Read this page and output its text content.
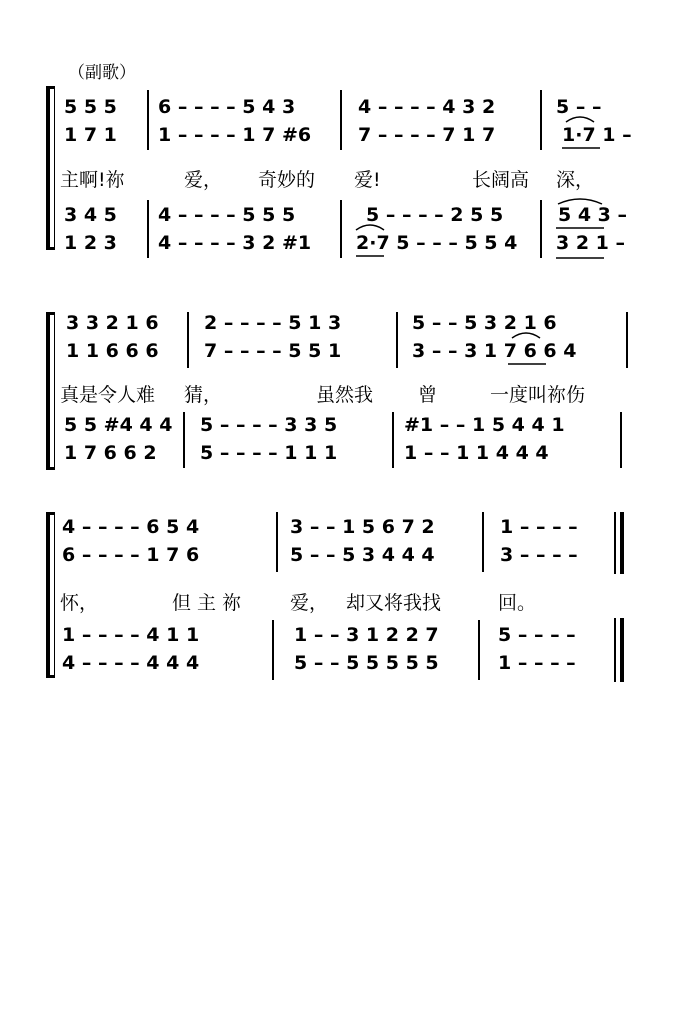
（副歌）
5 5 5 6 – – – – 5 4 3	4 – – – – 4 3 2	5 – –
1 7 1 1 – – – – 1 7 #6 7 – – – – 7 1 7	1·7 1 –
主啊!祢	爱， 奇妙的 爱!	长阔高 深，
3 4 5 4 – – – – 5 5 5	5 – – – – 2 5 5	5 4 3 –
1 2 3 4 – – – – 3 2 #1 2·7 5 – – – 5 5 4 3 2 1 –
3 3 2 1 6 2 – – – – 5 1 3	5 – – 5 3 2 1 6
1 1 6 6 6 7 – – – – 5 5 1	3 – – 3 1 7 6 6 4
真是令人难 猜，	虽然我 曾	一度叫祢伤
5 5 #4 4 4 5 – – – – 3 3 5	#1 – – 1 5 4 4 1
1 7 6 6 2 5 – – – – 1 1 1	1 – – 1 1 4 4 4
4 – – – – 6 5 4	3 – – 1 5 6 7 2	1 – – – –
6 – – – – 1 7 6	5 – – 5 3 4 4 4	3 – – – –
怀，	但 主 祢	爱， 却又将我找	回。
1 – – – – 4 1 1	1 – – 3 1 2 2 7	5 – – – –
4 – – – – 4 4 4	5 – – 5 5 5 5 5	1 – – – –
